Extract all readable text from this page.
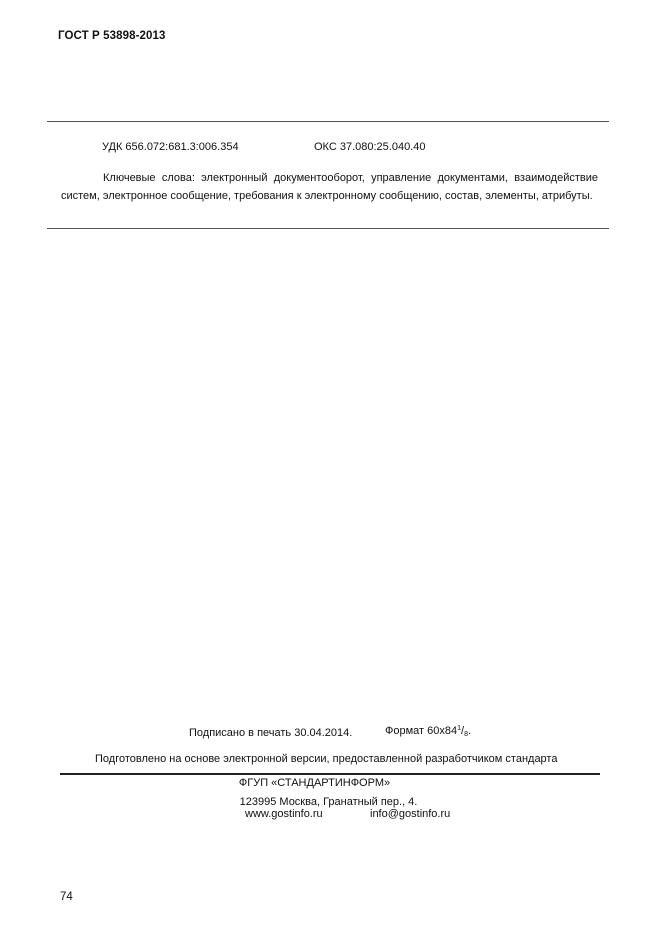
ГОСТ Р 53898-2013
УДК 656.072:681.3:006.354	ОКС 37.080:25.040.40

Ключевые слова: электронный документооборот, управление документами, взаимодействие систем, электронное сообщение, требования к электронному сообщению, состав, элементы, атрибуты.

Подписано в печать 30.04.2014.	Формат $60x84^1/_8$.
Подготовлено на основе электронной версии, предоставленной разработчиком стандарта
ФГУП «СТАНДАРТИНФОРМ»
123995 Москва, Гранатный пер., 4.
www.gostinfo.ru	info@gostinfo.ru
74
